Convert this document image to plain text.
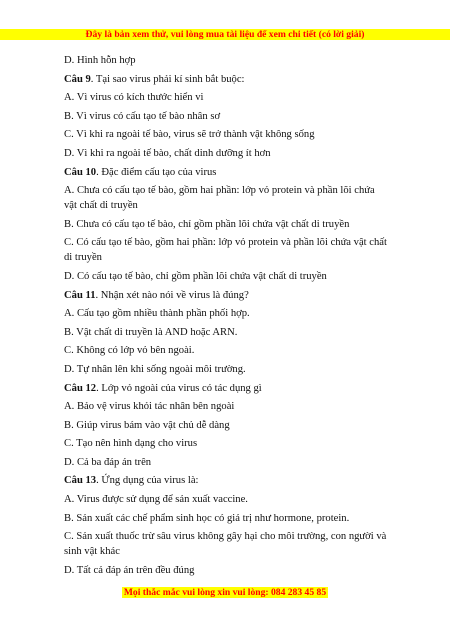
Đây là bản xem thử, vui lòng mua tài liệu để xem chi tiết (có lời giải)
D. Hình hỗn hợp
Câu 9. Tại sao virus phải kí sinh bắt buộc:
A. Vì virus có kích thước hiển vi
B. Vì virus có cấu tạo tế bào nhân sơ
C. Vì khi ra ngoài tế bào, virus sẽ trở thành vật không sống
D. Vì khi ra ngoài tế bào, chất dinh dưỡng ít hơn
Câu 10. Đặc điểm cấu tạo của virus
A. Chưa có cấu tạo tế bào, gồm hai phần: lớp vỏ protein và phần lõi chứa
vật chất di truyền
B. Chưa có cấu tạo tế bào, chỉ gồm phần lõi chứa vật chất di truyền
C. Có cấu tạo tế bào, gồm hai phần: lớp vỏ protein và phần lõi chứa vật chất
di truyền
D. Có cấu tạo tế bào, chỉ gồm phần lõi chứa vật chất di truyền
Câu 11. Nhận xét nào nói về virus là đúng?
A. Cấu tạo gồm nhiều thành phần phối hợp.
B. Vật chất di truyền là AND hoặc ARN.
C. Không có lớp vỏ bên ngoài.
D. Tự nhân lên khi sống ngoài môi trường.
Câu 12. Lớp vỏ ngoài của virus có tác dụng gì
A. Bảo vệ virus khỏi tác nhân bên ngoài
B. Giúp virus bám vào vật chủ dễ dàng
C. Tạo nên hình dạng cho virus
D. Cả ba đáp án trên
Câu 13. Ứng dụng của virus là:
A. Virus được sử dụng để sản xuất vaccine.
B. Sản xuất các chế phẩm sinh học có giá trị như hormone, protein.
C. Sản xuất thuốc trừ sâu virus không gây hại cho môi trường, con người và
sinh vật khác
D. Tất cả đáp án trên đều đúng
Mọi thắc mắc vui lòng xin vui lòng: 084 283 45 85
